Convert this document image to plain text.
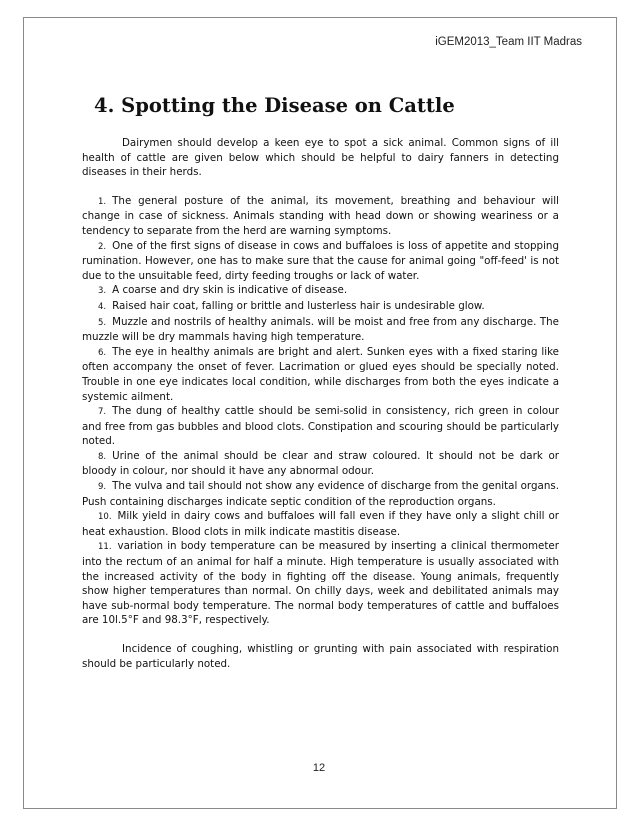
iGEM2013_Team IIT Madras
4. Spotting the Disease on Cattle

Dairymen should develop a keen eye to spot a sick animal. Common signs of ill health of cattle are given below which should be helpful to dairy fanners in detecting diseases in their herds.

1. The general posture of the animal, its movement, breathing and behaviour will change in case of sickness. Animals standing with head down or showing weariness or a tendency to separate from the herd are warning symptoms.
2. One of the first signs of disease in cows and buffaloes is loss of appetite and stopping rumination. However, one has to make sure that the cause for animal going "off-feed' is not due to the unsuitable feed, dirty feeding troughs or lack of water.
3. A coarse and dry skin is indicative of disease.
4. Raised hair coat, falling or brittle and lusterless hair is undesirable glow.
5. Muzzle and nostrils of healthy animals. will be moist and free from any discharge. The muzzle will be dry mammals having high temperature.
6. The eye in healthy animals are bright and alert. Sunken eyes with a fixed staring like often accompany the onset of fever. Lacrimation or glued eyes should be specially noted. Trouble in one eye indicates local condition, while discharges from both the eyes indicate a systemic ailment.
7. The dung of healthy cattle should be semi-solid in consistency, rich green in colour and free from gas bubbles and blood clots. Constipation and scouring should be particularly noted.
8. Urine of the animal should be clear and straw coloured. It should not be dark or bloody in colour, nor should it have any abnormal odour.
9. The vulva and tail should not show any evidence of discharge from the genital organs. Push containing discharges indicate septic condition of the reproduction organs.
10. Milk yield in dairy cows and buffaloes will fall even if they have only a slight chill or heat exhaustion. Blood clots in milk indicate mastitis disease.
11. variation in body temperature can be measured by inserting a clinical thermometer into the rectum of an animal for half a minute. High temperature is usually associated with the increased activity of the body in fighting off the disease. Young animals, frequently show higher temperatures than normal. On chilly days, week and debilitated animals may have sub-normal body temperature. The normal body temperatures of cattle and buffaloes are 10l.5°F and 98.3°F, respectively.

Incidence of coughing, whistling or grunting with pain associated with respiration should be particularly noted.

12
